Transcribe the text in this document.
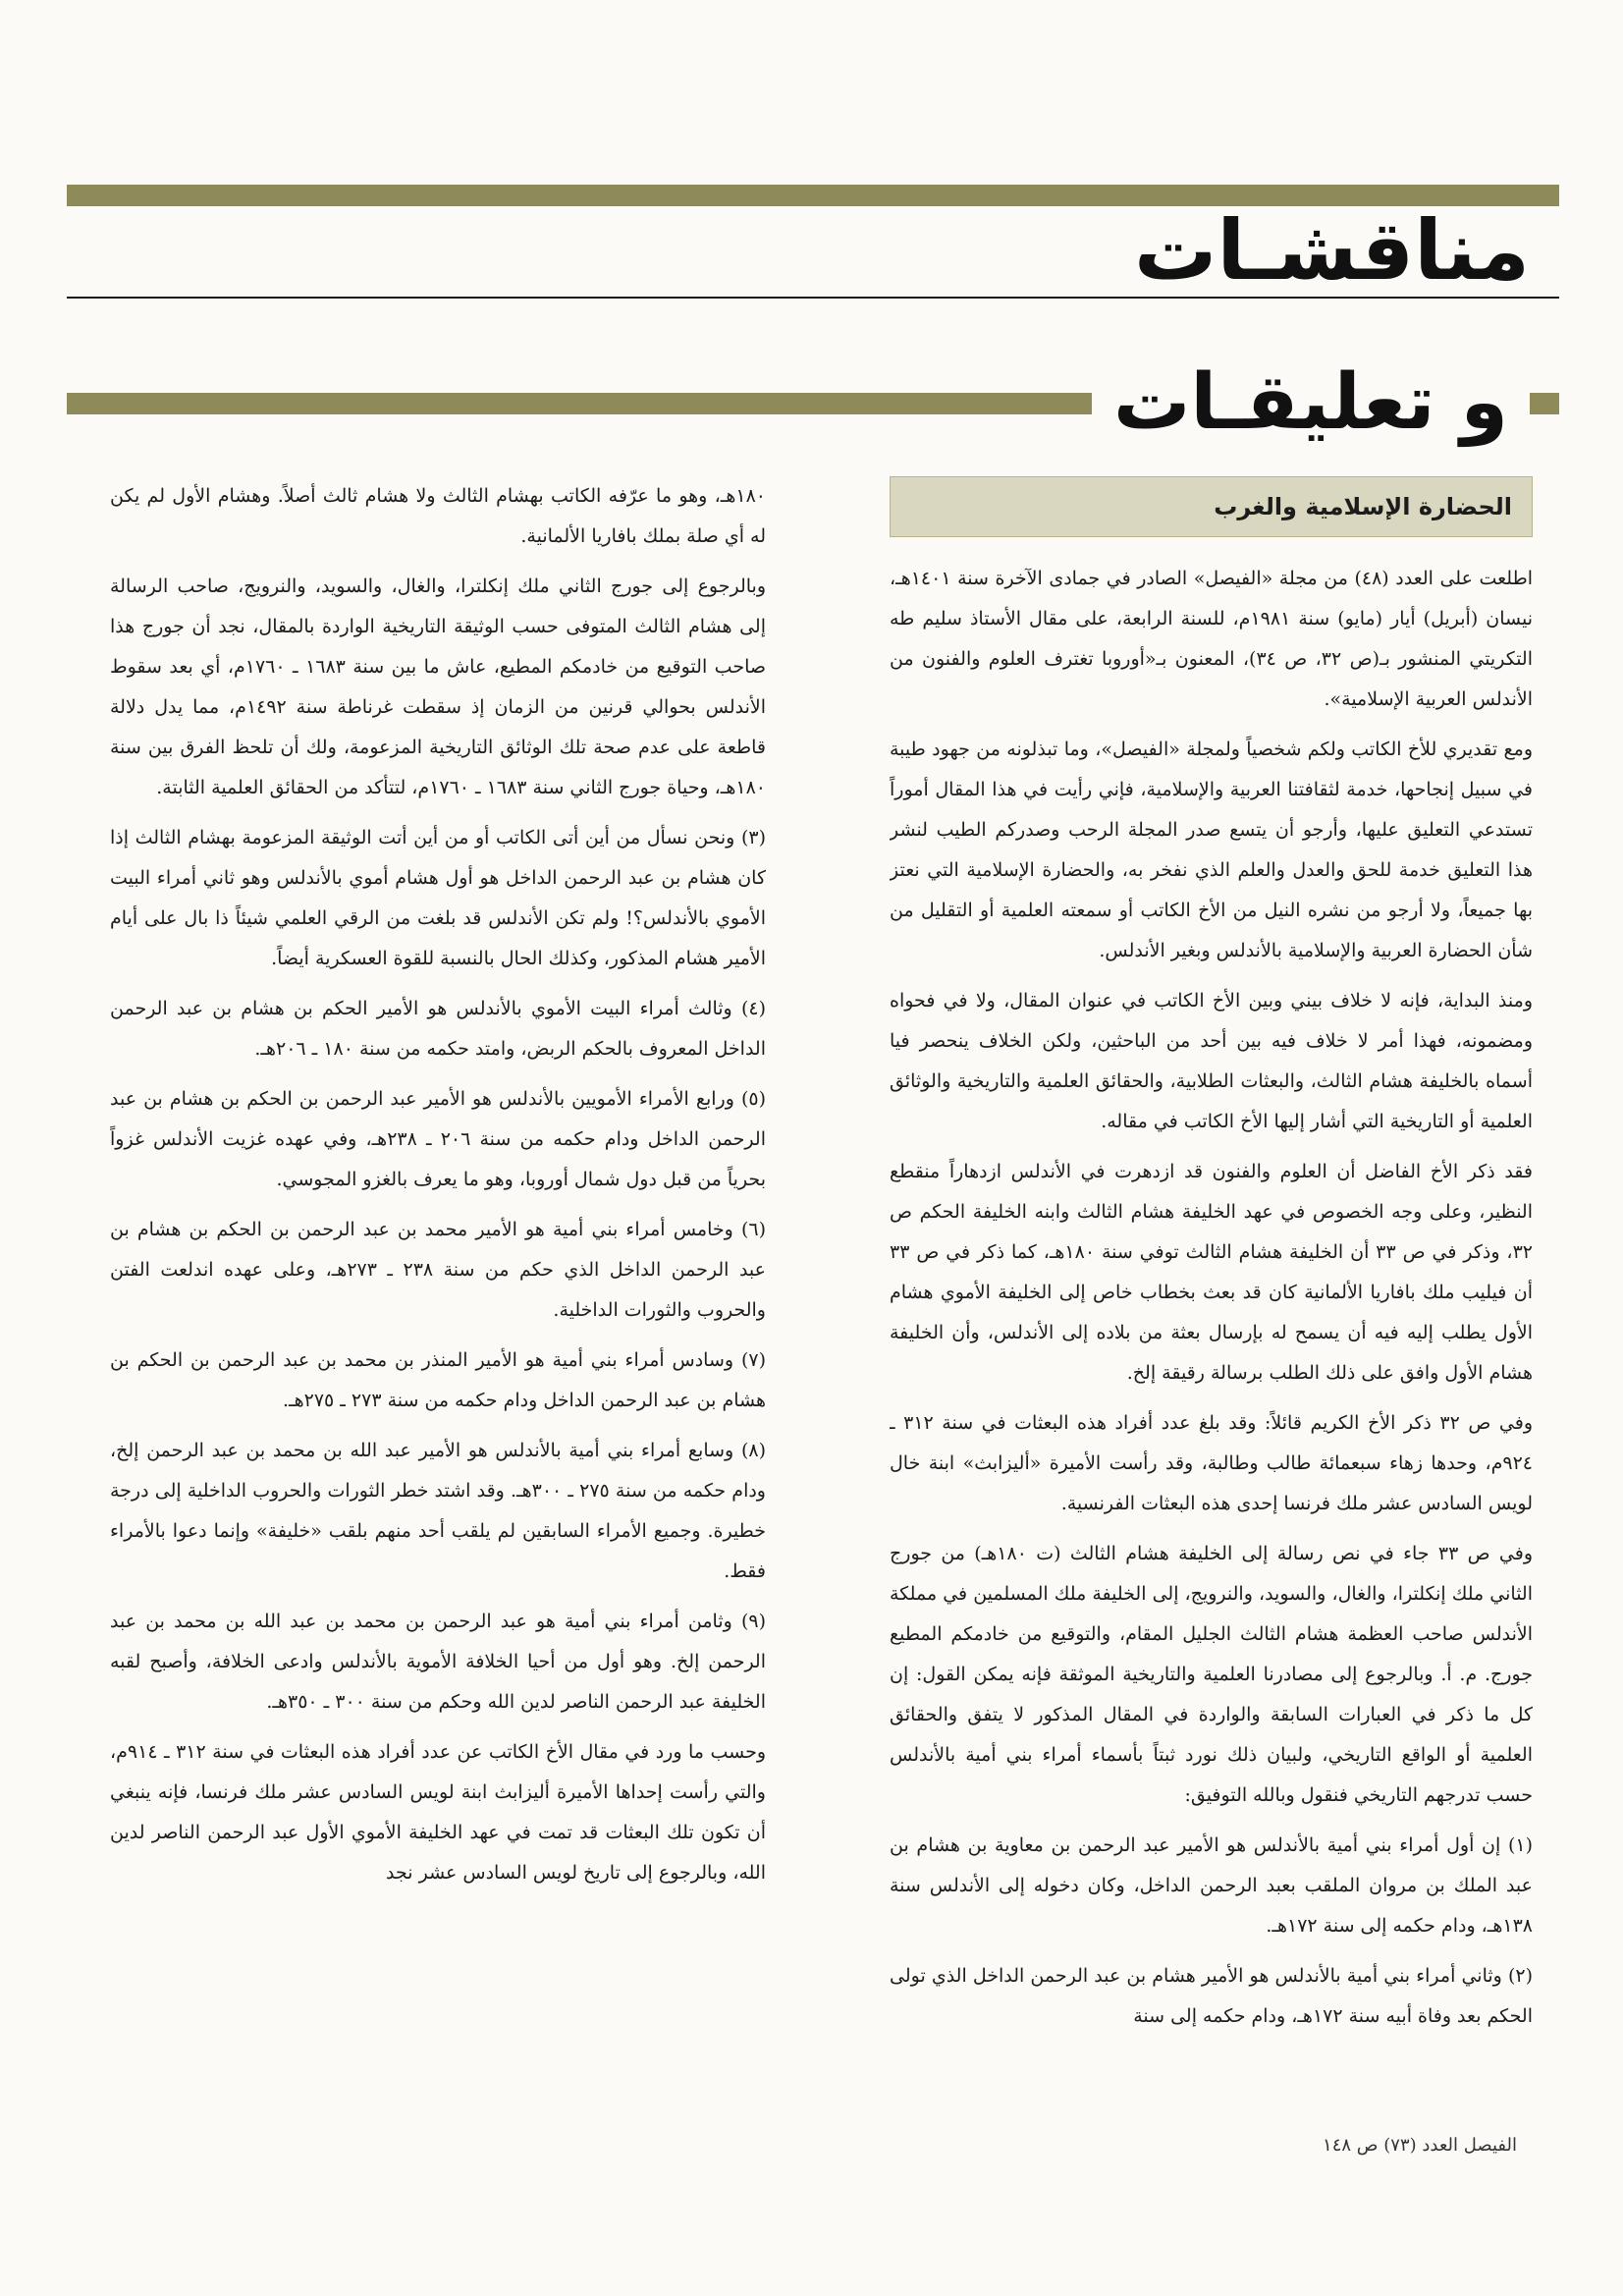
مناقشـات
و
تعليقـات
الحضارة الإسلامية والغرب

اطلعت على العدد (٤٨) من مجلة «الفيصل» الصادر في جمادى الآخرة سنة ١٤٠١هـ، نيسان (أبريل) أيار (مايو) سنة ١٩٨١م، للسنة الرابعة، على مقال الأستاذ سليم طه التكريتي المنشور بـ(ص ٣٢، ص ٣٤)، المعنون بـ«أوروبا تغترف العلوم والفنون من الأندلس العربية الإسلامية».

ومع تقديري للأخ الكاتب ولكم شخصياً ولمجلة «الفيصل»، وما تبذلونه من جهود طيبة في سبيل إنجاحها، خدمة لثقافتنا العربية والإسلامية، فإني رأيت في هذا المقال أموراً تستدعي التعليق عليها، وأرجو أن يتسع صدر المجلة الرحب وصدركم الطيب لنشر هذا التعليق خدمة للحق والعدل والعلم الذي نفخر به، والحضارة الإسلامية التي نعتز بها جميعاً، ولا أرجو من نشره النيل من الأخ الكاتب أو سمعته العلمية أو التقليل من شأن الحضارة العربية والإسلامية بالأندلس وبغير الأندلس.

ومنذ البداية، فإنه لا خلاف بيني وبين الأخ الكاتب في عنوان المقال، ولا في فحواه ومضمونه، فهذا أمر لا خلاف فيه بين أحد من الباحثين، ولكن الخلاف ينحصر فيا أسماه بالخليفة هشام الثالث، والبعثات الطلابية، والحقائق العلمية والتاريخية والوثائق العلمية أو التاريخية التي أشار إليها الأخ الكاتب في مقاله.

فقد ذكر الأخ الفاضل أن العلوم والفنون قد ازدهرت في الأندلس ازدهاراً منقطع النظير، وعلى وجه الخصوص في عهد الخليفة هشام الثالث وابنه الخليفة الحكم ص ٣٢، وذكر في ص ٣٣ أن الخليفة هشام الثالث توفي سنة ١٨٠هـ، كما ذكر في ص ٣٣ أن فيليب ملك بافاريا الألمانية كان قد بعث بخطاب خاص إلى الخليفة الأموي هشام الأول يطلب إليه فيه أن يسمح له بإرسال بعثة من بلاده إلى الأندلس، وأن الخليفة هشام الأول وافق على ذلك الطلب برسالة رقيقة إلخ.

وفي ص ٣٢ ذكر الأخ الكريم قائلاً: وقد بلغ عدد أفراد هذه البعثات في سنة ٣١٢ ـ ٩٢٤م، وحدها زهاء سبعمائة طالب وطالبة، وقد رأست الأميرة «أليزابث» ابنة خال لويس السادس عشر ملك فرنسا إحدى هذه البعثات الفرنسية.

وفي ص ٣٣ جاء في نص رسالة إلى الخليفة هشام الثالث (ت ١٨٠هـ) من جورج الثاني ملك إنكلترا، والغال، والسويد، والنرويج، إلى الخليفة ملك المسلمين في مملكة الأندلس صاحب العظمة هشام الثالث الجليل المقام، والتوقيع من خادمكم المطيع جورج. م. أ. وبالرجوع إلى مصادرنا العلمية والتاريخية الموثقة فإنه يمكن القول: إن كل ما ذكر في العبارات السابقة والواردة في المقال المذكور لا يتفق والحقائق العلمية أو الواقع التاريخي، ولبيان ذلك نورد ثبتاً بأسماء أمراء بني أمية بالأندلس حسب تدرجهم التاريخي فنقول وبالله التوفيق:

(١) إن أول أمراء بني أمية بالأندلس هو الأمير عبد الرحمن بن معاوية بن هشام بن عبد الملك بن مروان الملقب بعبد الرحمن الداخل، وكان دخوله إلى الأندلس سنة ١٣٨هـ، ودام حكمه إلى سنة ١٧٢هـ.

(٢) وثاني أمراء بني أمية بالأندلس هو الأمير هشام بن عبد الرحمن الداخل الذي تولى الحكم بعد وفاة أبيه سنة ١٧٢هـ، ودام حكمه إلى سنة

١٨٠هـ، وهو ما عرّفه الكاتب بهشام الثالث ولا هشام ثالث أصلاً. وهشام الأول لم يكن له أي صلة بملك بافاريا الألمانية.

وبالرجوع إلى جورج الثاني ملك إنكلترا، والغال، والسويد، والنرويج، صاحب الرسالة إلى هشام الثالث المتوفى حسب الوثيقة التاريخية الواردة بالمقال، نجد أن جورج هذا صاحب التوقيع من خادمكم المطيع، عاش ما بين سنة ١٦٨٣ ـ ١٧٦٠م، أي بعد سقوط الأندلس بحوالي قرنين من الزمان إذ سقطت غرناطة سنة ١٤٩٢م، مما يدل دلالة قاطعة على عدم صحة تلك الوثائق التاريخية المزعومة، ولك أن تلحظ الفرق بين سنة ١٨٠هـ، وحياة جورج الثاني سنة ١٦٨٣ ـ ١٧٦٠م، لتتأكد من الحقائق العلمية الثابتة.

(٣) ونحن نسأل من أين أتى الكاتب أو من أين أتت الوثيقة المزعومة بهشام الثالث إذا كان هشام بن عبد الرحمن الداخل هو أول هشام أموي بالأندلس وهو ثاني أمراء البيت الأموي بالأندلس؟! ولم تكن الأندلس قد بلغت من الرقي العلمي شيئاً ذا بال على أيام الأمير هشام المذكور، وكذلك الحال بالنسبة للقوة العسكرية أيضاً.

(٤) وثالث أمراء البيت الأموي بالأندلس هو الأمير الحكم بن هشام بن عبد الرحمن الداخل المعروف بالحكم الربض، وامتد حكمه من سنة ١٨٠ ـ ٢٠٦هـ.

(٥) ورابع الأمراء الأمويين بالأندلس هو الأمير عبد الرحمن بن الحكم بن هشام بن عبد الرحمن الداخل ودام حكمه من سنة ٢٠٦ ـ ٢٣٨هـ، وفي عهده غزيت الأندلس غزواً بحرياً من قبل دول شمال أوروبا، وهو ما يعرف بالغزو المجوسي.

(٦) وخامس أمراء بني أمية هو الأمير محمد بن عبد الرحمن بن الحكم بن هشام بن عبد الرحمن الداخل الذي حكم من سنة ٢٣٨ ـ ٢٧٣هـ، وعلى عهده اندلعت الفتن والحروب والثورات الداخلية.

(٧) وسادس أمراء بني أمية هو الأمير المنذر بن محمد بن عبد الرحمن بن الحكم بن هشام بن عبد الرحمن الداخل ودام حكمه من سنة ٢٧٣ ـ ٢٧٥هـ.

(٨) وسابع أمراء بني أمية بالأندلس هو الأمير عبد الله بن محمد بن عبد الرحمن إلخ، ودام حكمه من سنة ٢٧٥ ـ ٣٠٠هـ. وقد اشتد خطر الثورات والحروب الداخلية إلى درجة خطيرة. وجميع الأمراء السابقين لم يلقب أحد منهم بلقب «خليفة» وإنما دعوا بالأمراء فقط.

(٩) وثامن أمراء بني أمية هو عبد الرحمن بن محمد بن عبد الله بن محمد بن عبد الرحمن إلخ. وهو أول من أحيا الخلافة الأموية بالأندلس وادعى الخلافة، وأصبح لقبه الخليفة عبد الرحمن الناصر لدين الله وحكم من سنة ٣٠٠ ـ ٣٥٠هـ.

وحسب ما ورد في مقال الأخ الكاتب عن عدد أفراد هذه البعثات في سنة ٣١٢ ـ ٩١٤م، والتي رأست إحداها الأميرة أليزابث ابنة لويس السادس عشر ملك فرنسا، فإنه ينبغي أن تكون تلك البعثات قد تمت في عهد الخليفة الأموي الأول عبد الرحمن الناصر لدين الله، وبالرجوع إلى تاريخ لويس السادس عشر نجد

الفيصل العدد (٧٣) ص ١٤٨
